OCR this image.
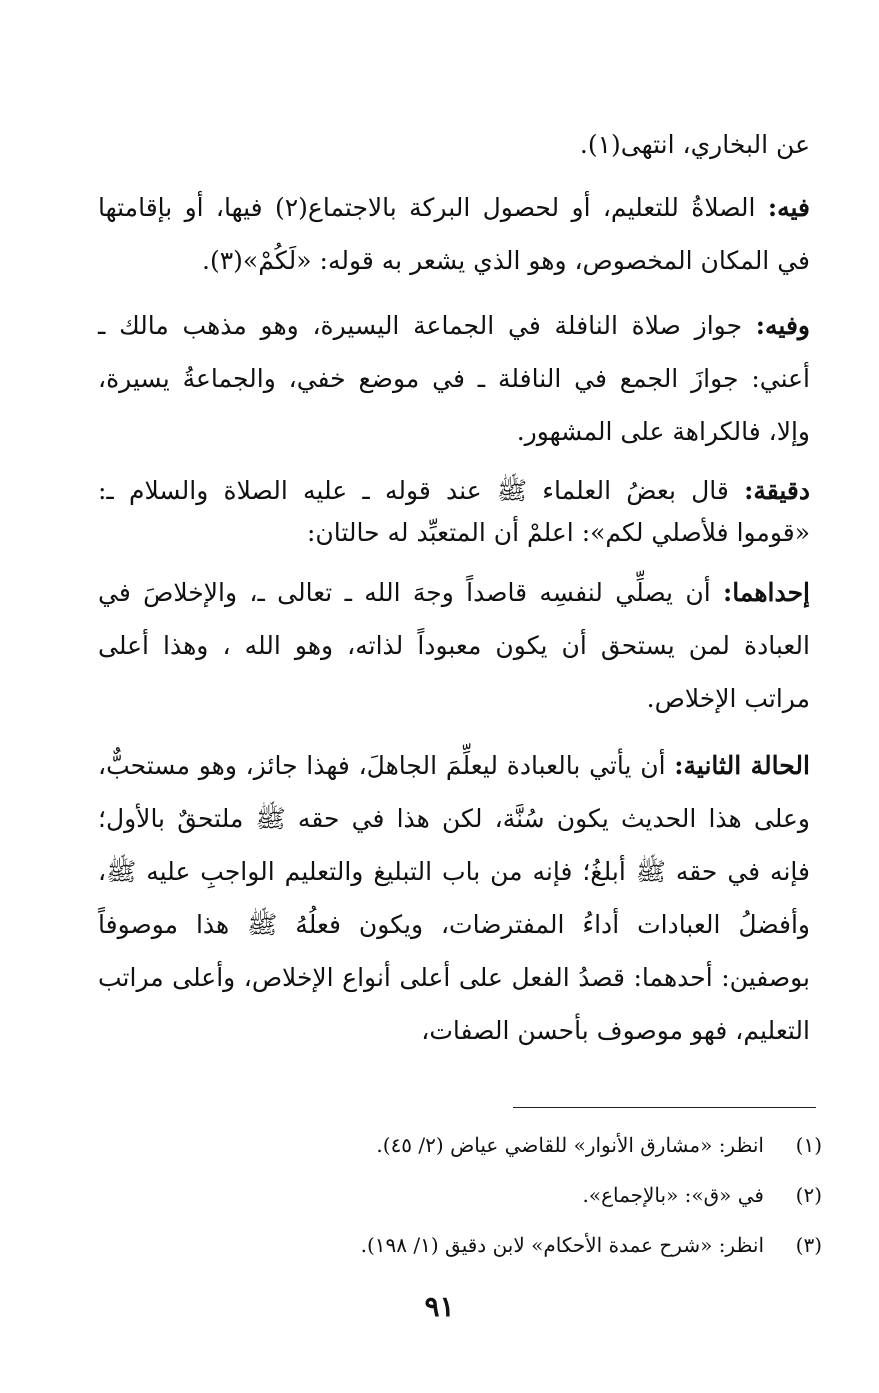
عن البخاري، انتهى(١).

فيه: الصلاةُ للتعليم، أو لحصول البركة بالاجتماع(٢) فيها، أو بإقامتها في المكان المخصوص، وهو الذي يشعر به قوله: «لَكُمْ»(٣).

وفيه: جواز صلاة النافلة في الجماعة اليسيرة، وهو مذهب مالك ـ أعني: جوازَ الجمع في النافلة ـ في موضع خفي، والجماعةُ يسيرة، وإلا، فالكراهة على المشهور.

دقيقة: قال بعضُ العلماء ﷺ عند قوله ـ عليه الصلاة والسلام ـ: «قوموا فلأصلي لكم»: اعلمْ أن المتعبِّد له حالتان:

إحداهما: أن يصلِّي لنفسِه قاصداً وجهَ الله ـ تعالى ـ، والإخلاصَ في العبادة لمن يستحق أن يكون معبوداً لذاته، وهو الله ، وهذا أعلى مراتب الإخلاص.

الحالة الثانية: أن يأتي بالعبادة ليعلِّمَ الجاهلَ، فهذا جائز، وهو مستحبٌّ، وعلى هذا الحديث يكون سُنَّة، لكن هذا في حقه ﷺ ملتحقٌ بالأول؛ فإنه في حقه ﷺ أبلغُ؛ فإنه من باب التبليغ والتعليم الواجبِ عليه ﷺ، وأفضلُ العبادات أداءُ المفترضات، ويكون فعلُهُ ﷺ هذا موصوفاً بوصفين: أحدهما: قصدُ الفعل على أعلى أنواع الإخلاص، وأعلى مراتب التعليم، فهو موصوف بأحسن الصفات،

(١)انظر: «مشارق الأنوار» للقاضي عياض (٢/ ٤٥).
(٢)في «ق»: «بالإجماع».
(٣)انظر: «شرح عمدة الأحكام» لابن دقيق (١/ ١٩٨).
٩١
